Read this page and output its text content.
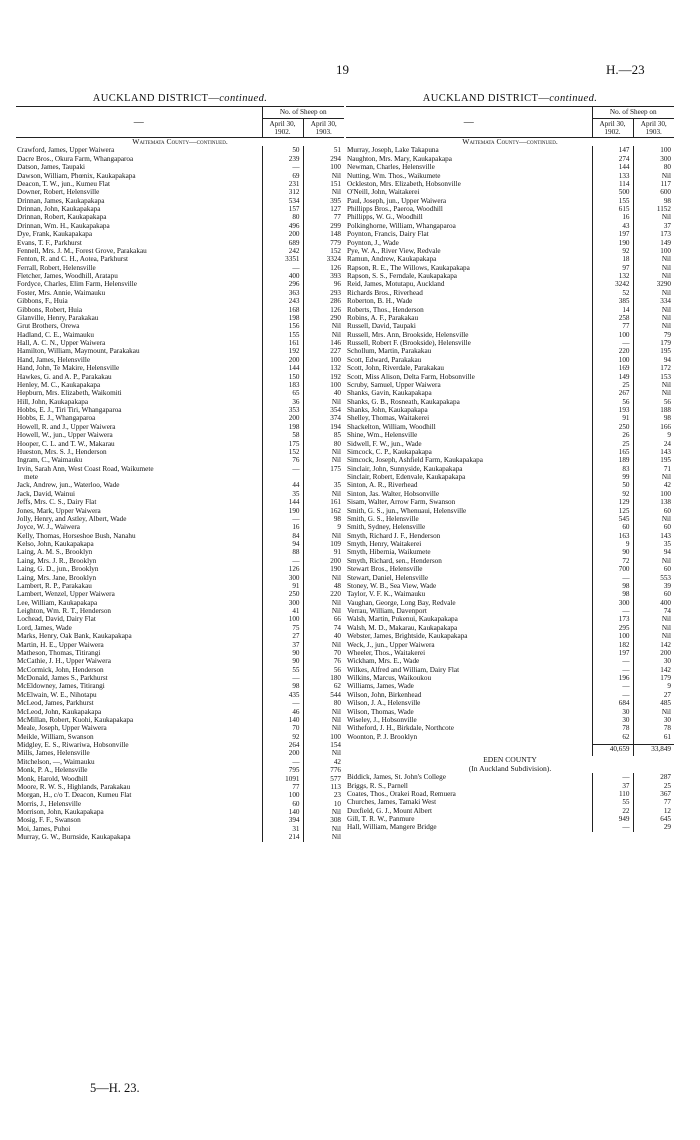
19	H.—23
AUCKLAND DISTRICT—continued.
—	No. of Sheep on	
	April 30, 1902.	April 30, 1903.
Waitemata County—continued.		
Crawford, James, Upper Waiwera	50	51
Dacre Bros., Okura Farm, Whangaparoa	239	294
Datson, James, Taupaki	—	100
Dawson, William, Phœnix, Kaukapakapa	69	Nil
Deacon, T. W., jun., Kumeu Flat	231	151
Downer, Robert, Helensville	312	Nil
Drinnan, James, Kaukapakapa	534	395
Drinnan, John, Kaukapakapa	157	127
Drinnan, Robert, Kaukapakapa	80	77
Drinnan, Wm. H., Kaukapakapa	496	299
Dye, Frank, Kaukapakapa	200	148
Evans, T. F., Parkhurst	689	779
Fennell, Mrs. J. M., Forest Grove, Parakakau	242	152
Fenton, R. and C. H., Aotea, Parkhurst	3351	3324
Ferrall, Robert, Helensville	—	126
Fletcher, James, Woodhill, Aratapu	400	393
Fordyce, Charles, Elim Farm, Helensville	296	96
Foster, Mrs. Annie, Waimauku	363	293
Gibbons, F., Huia	243	286
Gibbons, Robert, Huia	168	126
Glanville, Henry, Parakakau	198	290
Grut Brothers, Orewa	156	Nil
Hadland, C. E., Waimauku	155	Nil
Hall, A. C. N., Upper Waiwera	161	146
Hamilton, William, Maymount, Parakakau	192	227
Hand, James, Helensville	200	100
Hand, John, Te Makire, Helensville	144	132
Hawkes, G. and A. P., Parakakau	150	192
Henley, M. C., Kaukapakapa	183	100
Hepburn, Mrs. Elizabeth, Waikomiti	65	40
Hill, John, Kaukapakapa	36	Nil
Hobbs, E. J., Tiri Tiri, Whangaparoa	353	354
Hobbs, E. J., Whangaparoa	200	374
Howell, R. and J., Upper Waiwera	198	194
Howell, W., jun., Upper Waiwera	58	85
Hooper, C. L. and T. W., Makarau	175	80
Hueston, Mrs. S. J., Henderson	152	Nil
Ingram, C., Waimauku	76	Nil
Irvin, Sarah Ann, West Coast Road, Waikumete	—	175
mete		
Jack, Andrew, jun., Waterloo, Wade	44	35
Jack, David, Wainui	35	Nil
Jeffs, Mrs. C. S., Dairy Flat	144	161
Jones, Mark, Upper Waiwera	190	162
Jolly, Henry, and Astley, Albert, Wade	—	98
Joyce, W. J., Waiwera	16	9
Kelly, Thomas, Horseshoe Bush, Nanahu	84	Nil
Kelso, John, Kaukapakapa	94	109
Laing, A. M. S., Brooklyn	88	91
Laing, Mrs. J. R., Brooklyn	—	200
Laing, G. D., jun., Brooklyn	126	190
Laing, Mrs. Jane, Brooklyn	300	Nil
Lambert, R. P., Parakakau	91	48
Lambert, Wenzel, Upper Waiwera	250	220
Lee, William, Kaukapakapa	300	Nil
Leighton, Wm. R. T., Henderson	41	Nil
Lochead, David, Dairy Flat	100	66
Lord, James, Wade	75	74
Marks, Henry, Oak Bank, Kaukapakapa	27	40
Martin, H. E., Upper Waiwera	37	Nil
Matheson, Thomas, Titirangi	90	70
McCathie, J. H., Upper Waiwera	90	76
McCormick, John, Henderson	55	56
McDonald, James S., Parkhurst	—	180
McEldowney, James, Titirangi	98	62
McElwain, W. E., Nihotapu	435	544
McLeod, James, Parkhurst	—	80
McLeod, John, Kaukapakapa	46	Nil
McMillan, Robert, Kuohi, Kaukapakapa	140	Nil
Meale, Joseph, Upper Waiwera	70	Nil
Meikle, William, Swanson	92	100
Midgley, E. S., Riwariwa, Hobsonville	264	154
Mills, James, Helensville	200	Nil
Mitchelson, —, Waimauku	—	42
Monk, P. A., Helensville	795	776
Monk, Harold, Woodhill	1091	577
Moore, R. W. S., Highlands, Parakakau	77	113
Morgan, H., c/o T. Deacon, Kumeu Flat	100	23
Morris, J., Helensville	60	10
Morrison, John, Kaukapakapa	140	Nil
Mosig, F. F., Swanson	394	308
Moi, James, Puhoi	31	Nil
Murray, G. W., Burnside, Kaukapakapa	214	Nil
AUCKLAND DISTRICT—continued.
—	No. of Sheep on	
	April 30, 1902.	April 30, 1903.
Waitemata County—continued.		
Murray, Joseph, Lake Takapuna	147	100
Naughton, Mrs. Mary, Kaukapakapa	274	300
Newman, Charles, Helensville	144	80
Nutting, Wm. Thos., Waikumete	133	Nil
Ockleston, Mrs. Elizabeth, Hobsonville	114	117
O'Neill, John, Waitakerei	500	600
Paul, Joseph, jun., Upper Waiwera	155	98
Phillipps Bros., Paeroa, Woodhill	615	1152
Phillipps, W. G., Woodhill	16	Nil
Polkinghorne, William, Whangaparoa	43	37
Poynton, Francis, Dairy Flat	197	173
Poynton, J., Wade	190	149
Pye, W. A., River View, Redvale	92	100
Ramun, Andrew, Kaukapakapa	18	Nil
Rapson, R. E., The Willows, Kaukapakapa	97	Nil
Rapson, S. S., Ferndale, Kaukapakapa	132	Nil
Reid, James, Motutapu, Auckland	3242	3290
Richards Bros., Riverhead	52	Nil
Roberton, B. H., Wade	385	334
Roberts, Thos., Henderson	14	Nil
Robins, A. F., Parakakau	258	Nil
Russell, David, Taupaki	77	Nil
Russell, Mrs. Ann, Brookside, Helensville	100	79
Russell, Robert F. (Brookside), Helensville	—	179
Schollum, Martin, Parakakau	220	195
Scott, Edward, Parakakau	100	94
Scott, John, Riverdale, Parakakau	169	172
Scott, Miss Alison, Delta Farm, Hobsonville	149	153
Scruby, Samuel, Upper Waiwera	25	Nil
Shanks, Gavin, Kaukapakapa	267	Nil
Shanks, G. B., Rosneath, Kaukapakapa	56	56
Shanks, John, Kaukapakapa	193	188
Shelley, Thomas, Waitakerei	91	98
Shackelton, William, Woodhill	250	166
Shine, Wm., Helensville	26	9
Sidwell, F. W., jun., Wade	25	24
Simcock, C. P., Kaukapakapa	165	143
Simcock, Joseph, Ashfield Farm, Kaukapakapa	189	195
Sinclair, John, Sunnyside, Kaukapakapa	83	71
Sinclair, Robert, Edenvale, Kaukapakapa	99	Nil
Sinton, A. R., Riverhead	50	42
Sinton, Jas. Walter, Hobsonville	92	100
Sisam, Walter, Arrow Farm, Swanson	129	138
Smith, G. S., jun., Whenuaui, Helensville	125	60
Smith, G. S., Helensville	545	Nil
Smith, Sydney, Helensville	60	60
Smyth, Richard J. F., Henderson	163	143
Smyth, Henry, Waitakerei	9	35
Smyth, Hibernia, Waikumete	90	94
Smyth, Richard, sen., Henderson	72	Nil
Stewart Bros., Helensville	700	60
Stewart, Daniel, Helensville	—	553
Stoney, W. B., Sea View, Wade	98	39
Taylor, V. F. K., Waimauku	98	60
Vaughan, George, Long Bay, Redvale	300	400
Verrau, William, Davenport	—	74
Walsh, Martin, Pukenui, Kaukapakapa	173	Nil
Walsh, M. D., Makarau, Kaukapakapa	295	Nil
Webster, James, Brightside, Kaukapakapa	100	Nil
Weck, J., jun., Upper Waiwera	182	142
Wheeler, Thos., Waitakerei	197	200
Wickham, Mrs. E., Wade	—	30
Wilkes, Alfred and William, Dairy Flat	—	142
Wilkins, Marcus, Waikoukou	196	179
Williams, James, Wade	—	9
Wilson, John, Birkenhead	—	27
Wilson, J. A., Helensville	684	485
Wilson, Thomas, Wade	30	Nil
Wiseley, J., Hobsonville	30	30
Witheford, J. H., Birkdale, Northcote	78	78
Woonton, P. J. Brooklyn	62	61

	40,659	33,849

EDEN COUNTY		
(In Auckland Subdivision).		
Biddick, James, St. John's College	—	287
Briggs, R. S., Parnell	37	25
Coates, Thos., Orakei Road, Remuera	110	367
Churches, James, Tamaki West	55	77
Duxfield, G. J., Mount Albert	22	12
Gill, T. R. W., Panmure	949	645
Hall, William, Mangere Bridge	—	29
5—H. 23.
